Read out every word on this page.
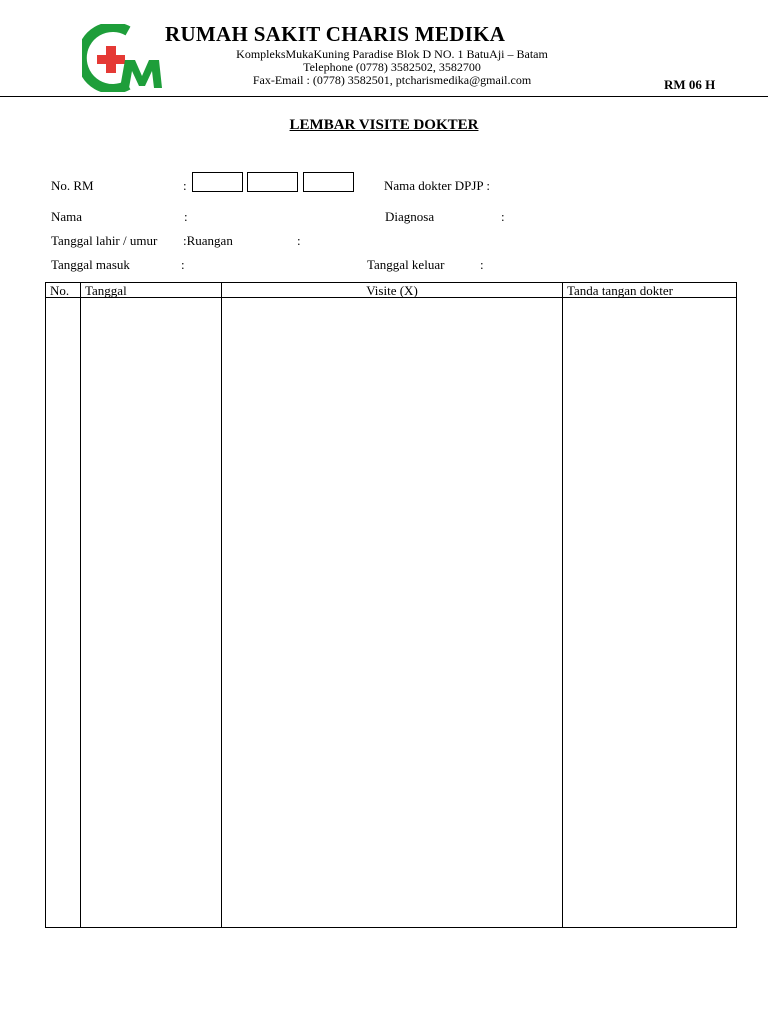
RUMAH SAKIT CHARIS MEDIKA
KompleksMukaKuning Paradise Blok D NO. 1 BatuAji – Batam
Telephone (0778) 3582502, 3582700
Fax-Email : (0778) 3582501, ptcharismedika@gmail.com	RM 06 H
LEMBAR VISITE DOKTER
No. RM	:	Nama dokter DPJP :
Nama	:	Diagnosa	:
Tanggal lahir / umur :Ruangan	:
Tanggal masuk	:	Tanggal keluar	:
No.	Tanggal	Visite (X)	Tanda tangan dokter
